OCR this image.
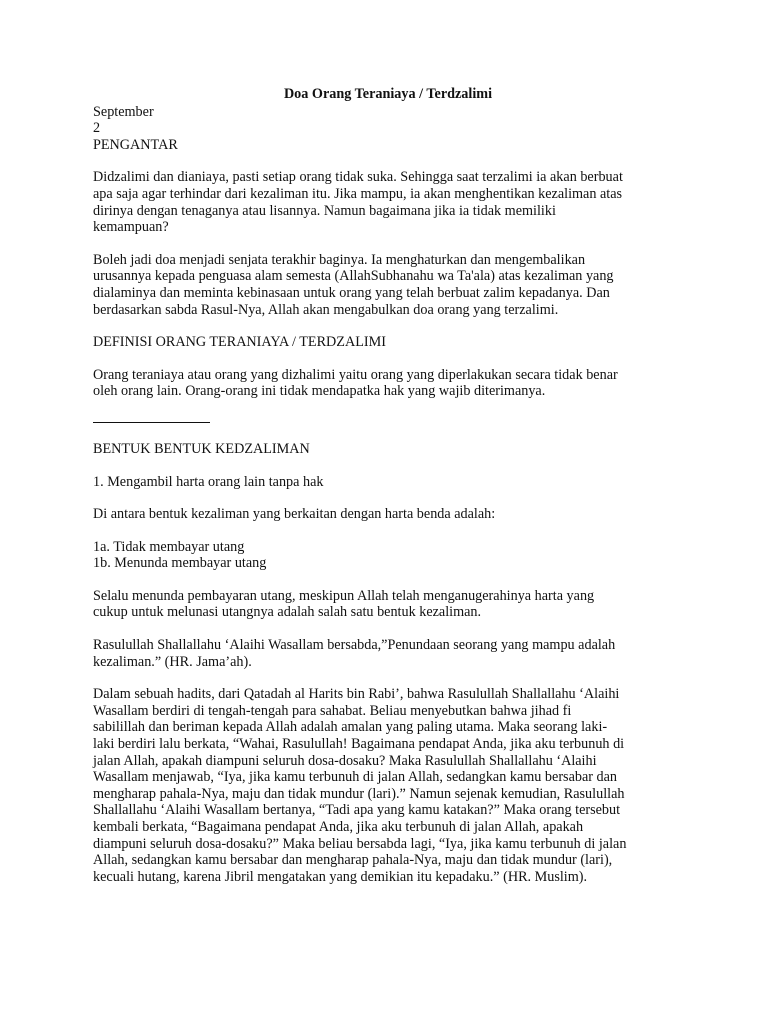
Doa Orang Teraniaya / Terdzalimi
September
2
PENGANTAR
Didzalimi dan dianiaya, pasti setiap orang tidak suka. Sehingga saat terzalimi ia akan berbuat
apa saja agar terhindar dari kezaliman itu. Jika mampu, ia akan menghentikan kezaliman atas
dirinya dengan tenaganya atau lisannya. Namun bagaimana jika ia tidak memiliki
kemampuan?
Boleh jadi doa menjadi senjata terakhir baginya. Ia menghaturkan dan mengembalikan
urusannya kepada penguasa alam semesta (AllahSubhanahu wa Ta'ala) atas kezaliman yang
dialaminya dan meminta kebinasaan untuk orang yang telah berbuat zalim kepadanya. Dan
berdasarkan sabda Rasul-Nya, Allah akan mengabulkan doa orang yang terzalimi.
DEFINISI ORANG TERANIAYA / TERDZALIMI
Orang teraniaya atau orang yang dizhalimi yaitu orang yang diperlakukan secara tidak benar
oleh orang lain. Orang-orang ini tidak mendapatka hak yang wajib diterimanya.
BENTUK BENTUK KEDZALIMAN
1. Mengambil harta orang lain tanpa hak
Di antara bentuk kezaliman yang berkaitan dengan harta benda adalah:
1a. Tidak membayar utang
1b. Menunda membayar utang
Selalu menunda pembayaran utang, meskipun Allah telah menganugerahinya harta yang
cukup untuk melunasi utangnya adalah salah satu bentuk kezaliman.
Rasulullah Shallallahu ‘Alaihi Wasallam bersabda,”Penundaan seorang yang mampu adalah
kezaliman.” (HR. Jama’ah).
Dalam sebuah hadits, dari Qatadah al Harits bin Rabi’, bahwa Rasulullah Shallallahu ‘Alaihi
Wasallam berdiri di tengah-tengah para sahabat. Beliau menyebutkan bahwa jihad fi
sabilillah dan beriman kepada Allah adalah amalan yang paling utama. Maka seorang laki-
laki berdiri lalu berkata, “Wahai, Rasulullah! Bagaimana pendapat Anda, jika aku terbunuh di
jalan Allah, apakah diampuni seluruh dosa-dosaku? Maka Rasulullah Shallallahu ‘Alaihi
Wasallam menjawab, “Iya, jika kamu terbunuh di jalan Allah, sedangkan kamu bersabar dan
mengharap pahala-Nya, maju dan tidak mundur (lari).” Namun sejenak kemudian, Rasulullah
Shallallahu ‘Alaihi Wasallam bertanya, “Tadi apa yang kamu katakan?” Maka orang tersebut
kembali berkata, “Bagaimana pendapat Anda, jika aku terbunuh di jalan Allah, apakah
diampuni seluruh dosa-dosaku?” Maka beliau bersabda lagi, “Iya, jika kamu terbunuh di jalan
Allah, sedangkan kamu bersabar dan mengharap pahala-Nya, maju dan tidak mundur (lari),
kecuali hutang, karena Jibril mengatakan yang demikian itu kepadaku.” (HR. Muslim).
